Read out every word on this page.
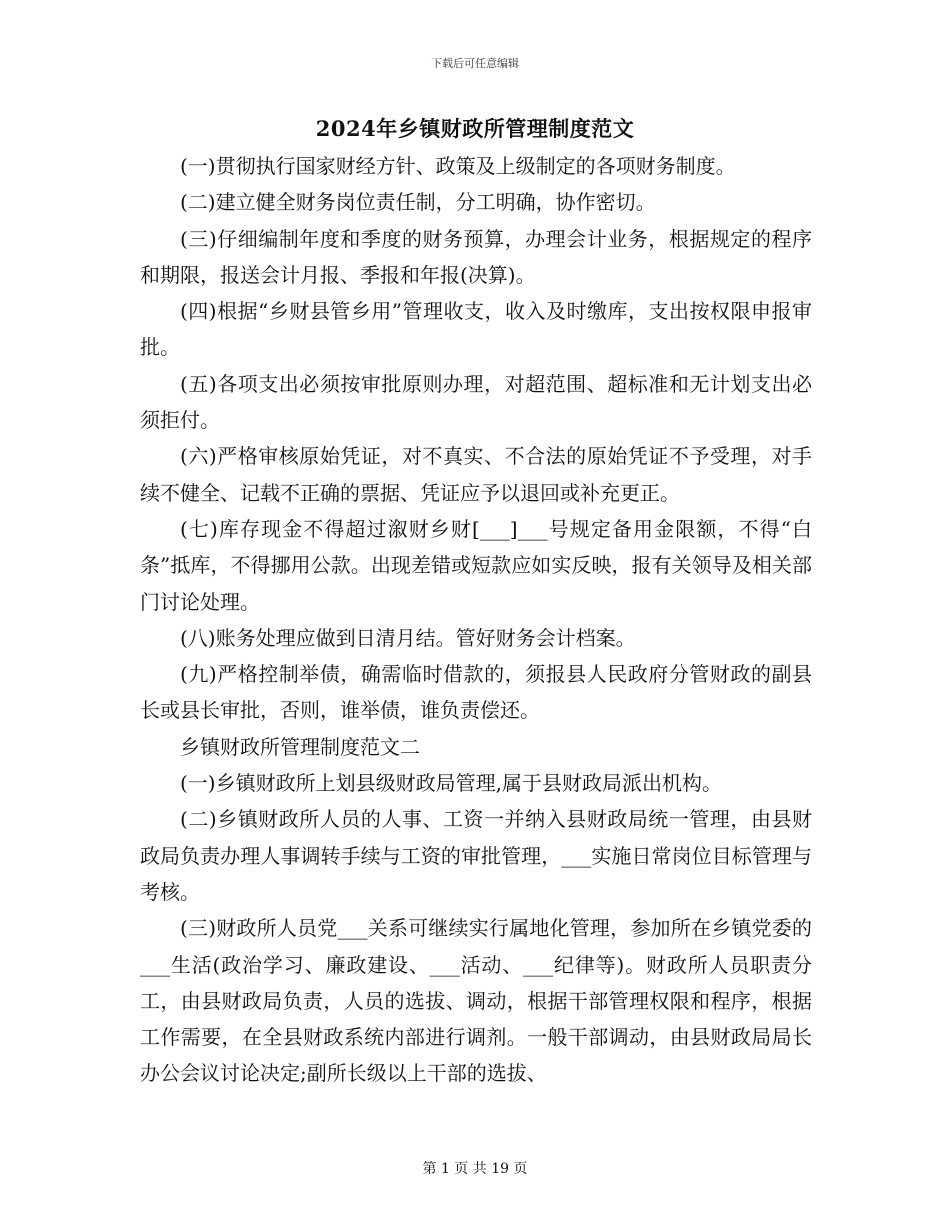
下载后可任意编辑
2024年乡镇财政所管理制度范文

(一)贯彻执行国家财经方针、政策及上级制定的各项财务制度。

(二)建立健全财务岗位责任制，分工明确，协作密切。

(三)仔细编制年度和季度的财务预算，办理会计业务，根据规定的程序和期限，报送会计月报、季报和年报(决算)。

(四)根据“乡财县管乡用”管理收支，收入及时缴库，支出按权限申报审批。

(五)各项支出必须按审批原则办理，对超范围、超标准和无计划支出必须拒付。

(六)严格审核原始凭证，对不真实、不合法的原始凭证不予受理，对手续不健全、记载不正确的票据、凭证应予以退回或补充更正。

(七)库存现金不得超过溆财乡财[___]___号规定备用金限额，不得“白条”抵库，不得挪用公款。出现差错或短款应如实反映，报有关领导及相关部门讨论处理。

(八)账务处理应做到日清月结。管好财务会计档案。

(九)严格控制举债，确需临时借款的，须报县人民政府分管财政的副县长或县长审批，否则，谁举债，谁负责偿还。

乡镇财政所管理制度范文二

(一)乡镇财政所上划县级财政局管理,属于县财政局派出机构。

(二)乡镇财政所人员的人事、工资一并纳入县财政局统一管理，由县财政局负责办理人事调转手续与工资的审批管理，___实施日常岗位目标管理与考核。

(三)财政所人员党___关系可继续实行属地化管理，参加所在乡镇党委的___生活(政治学习、廉政建设、___活动、___纪律等)。财政所人员职责分工，由县财政局负责，人员的选拔、调动，根据干部管理权限和程序，根据工作需要，在全县财政系统内部进行调剂。一般干部调动，由县财政局局长办公会议讨论决定;副所长级以上干部的选拔、

第 1 页 共 19 页
